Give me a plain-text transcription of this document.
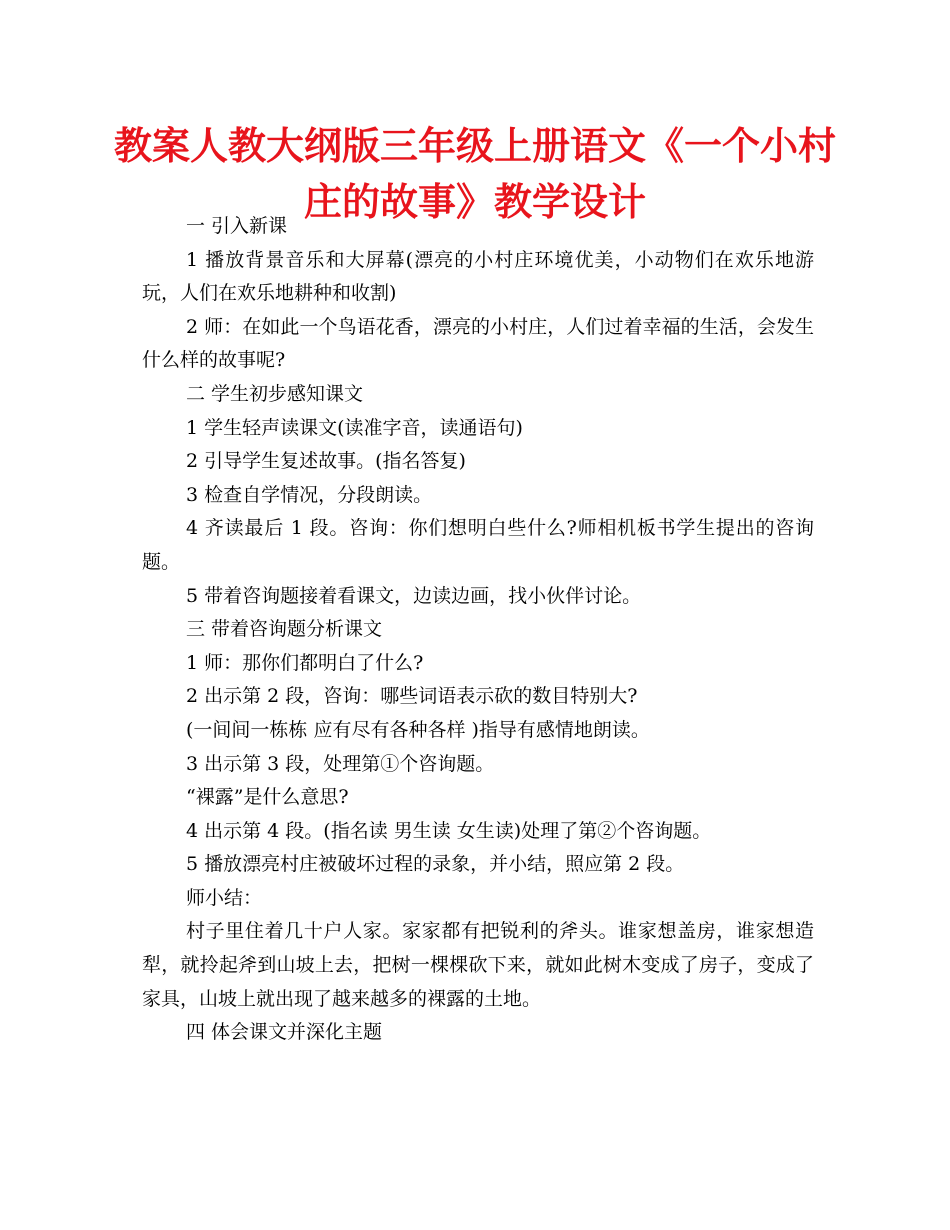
教案人教大纲版三年级上册语文《一个小村庄的故事》教学设计

一 引入新课

1 播放背景音乐和大屏幕(漂亮的小村庄环境优美，小动物们在欢乐地游玩，人们在欢乐地耕种和收割)

2 师：在如此一个鸟语花香，漂亮的小村庄，人们过着幸福的生活，会发生什么样的故事呢?

二 学生初步感知课文

1 学生轻声读课文(读准字音，读通语句)

2 引导学生复述故事。(指名答复)

3 检查自学情况，分段朗读。

4 齐读最后 1 段。咨询：你们想明白些什么?师相机板书学生提出的咨询题。

5 带着咨询题接着看课文，边读边画，找小伙伴讨论。

三 带着咨询题分析课文

1 师：那你们都明白了什么?

2 出示第 2 段，咨询：哪些词语表示砍的数目特别大?

(一间间一栋栋 应有尽有各种各样 )指导有感情地朗读。

3 出示第 3 段，处理第①个咨询题。

“裸露”是什么意思?

4 出示第 4 段。(指名读 男生读 女生读)处理了第②个咨询题。

5 播放漂亮村庄被破坏过程的录象，并小结，照应第 2 段。

师小结：

村子里住着几十户人家。家家都有把锐利的斧头。谁家想盖房，谁家想造犁，就拎起斧到山坡上去，把树一棵棵砍下来，就如此树木变成了房子，变成了家具，山坡上就出现了越来越多的裸露的土地。

四 体会课文并深化主题
